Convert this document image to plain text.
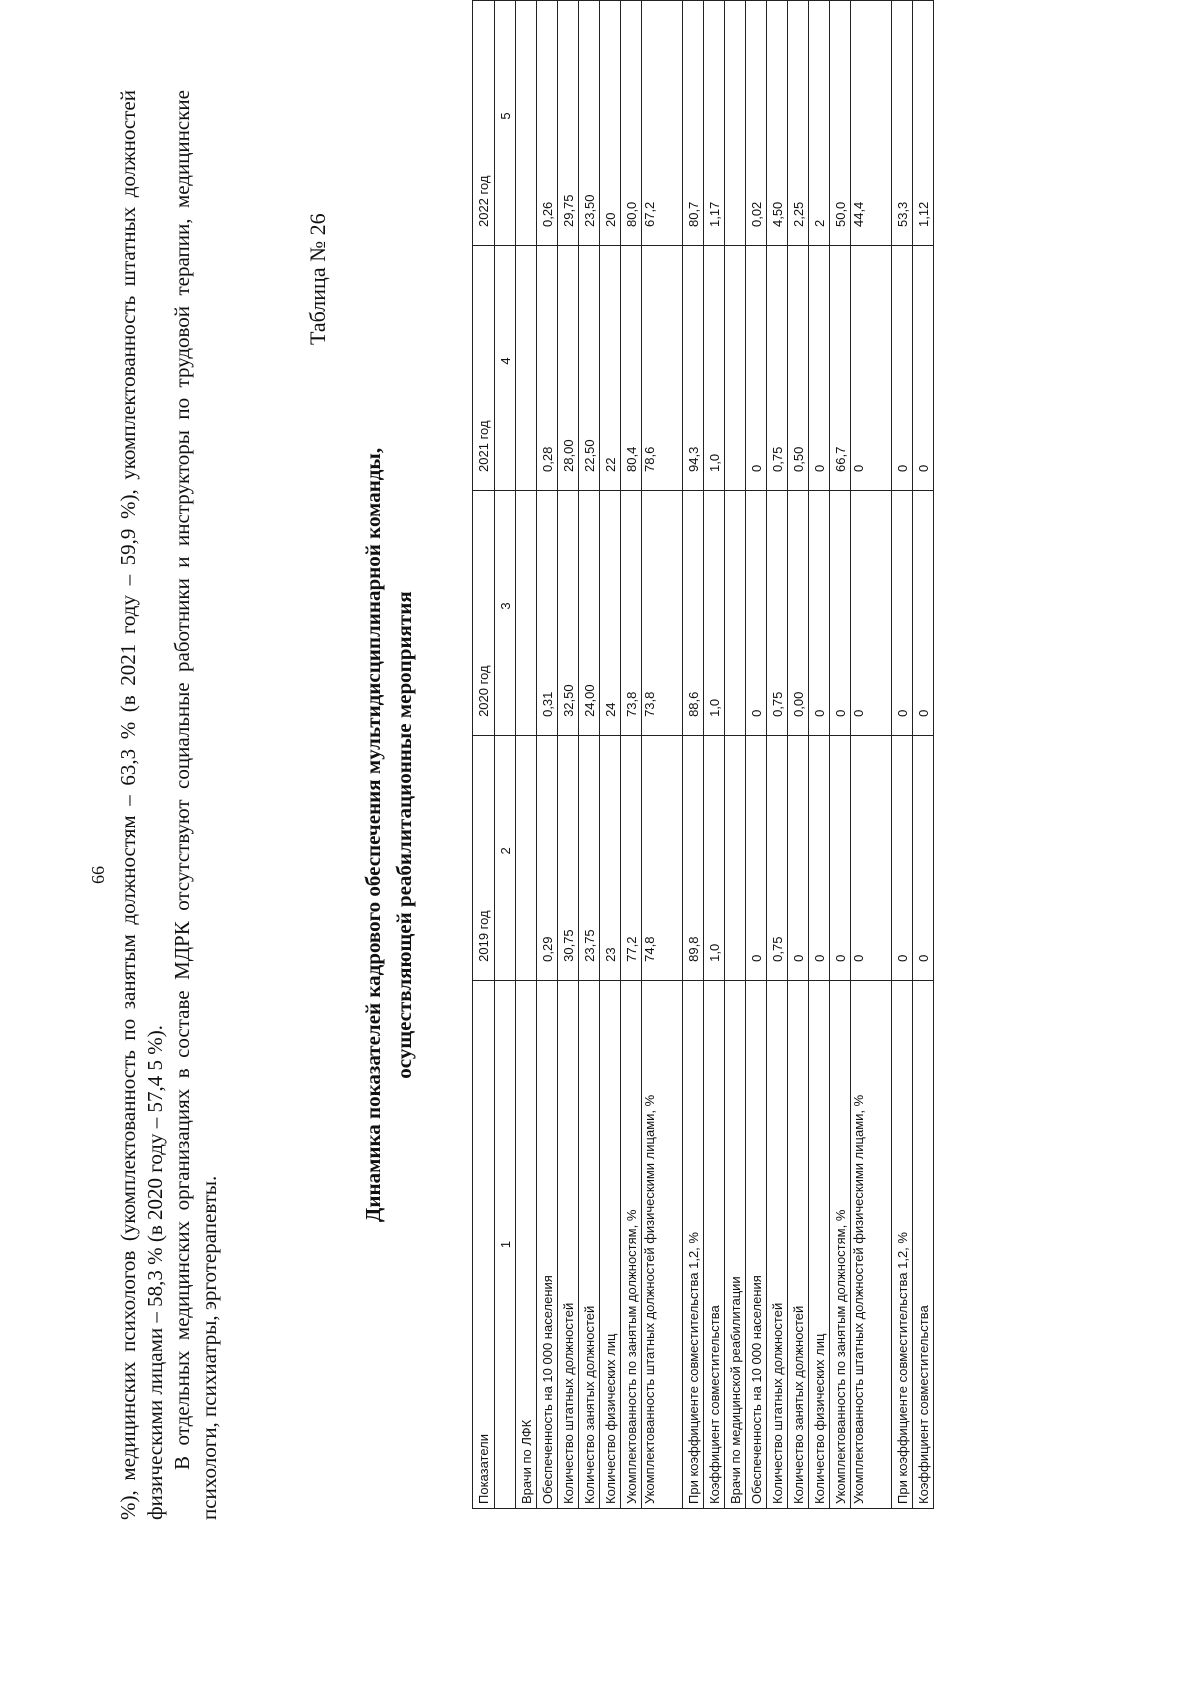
66 %), медицинских психологов (укомплектованность по занятым должностям – 63,3 % (в 2021 году – 59,9 %), укомплектованность штатных должностей физическими лицами – 58,3 % (в 2020 году – 57,4 5 %). В отдельных медицинских организациях в составе МДРК отсутствуют социальные работники и инструкторы по трудовой терапии, медицинские психологи, психиатры, эрготерапевты.

Таблица № 26

Динамика показателей кадрового обеспечения мультидисциплинарной команды, осуществляющей реабилитационные мероприятия

Показатели	2019 год	2020 год	2021 год	2022 год
1	2	3	4	5
Врачи по ЛФК				
Обеспеченность на 10 000 населения	0,29	0,31	0,28	0,26
Количество штатных должностей	30,75	32,50	28,00	29,75
Количество занятых должностей	23,75	24,00	22,50	23,50
Количество физических лиц	23	24	22	20
Укомплектованность по занятым должностям, %	77,2	73,8	80,4	80,0
Укомплектованность штатных должностей физическими лицами, %	74,8	73,8	78,6	67,2
При коэффициенте совместительства 1,2, %	89,8	88,6	94,3	80,7
Коэффициент совместительства	1,0	1,0	1,0	1,17
Врачи по медицинской реабилитации				
Обеспеченность на 10 000 населения	0	0	0	0,02
Количество штатных должностей	0,75	0,75	0,75	4,50
Количество занятых должностей	0	0,00	0,50	2,25
Количество физических лиц	0	0	0	2
Укомплектованность по занятым должностям, %	0	0	66,7	50,0
Укомплектованность штатных должностей физическими лицами, %	0	0	0	44,4
При коэффициенте совместительства 1,2, %	0	0	0	53,3
Коэффициент совместительства	0	0	0	1,12
